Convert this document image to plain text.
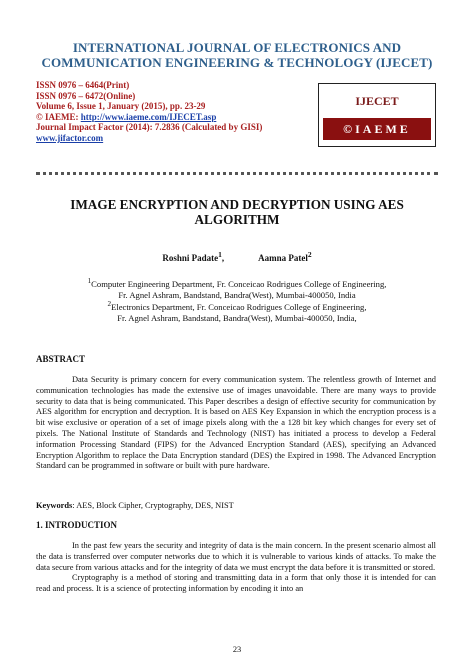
INTERNATIONAL JOURNAL OF ELECTRONICS AND
COMMUNICATION ENGINEERING & TECHNOLOGY (IJECET)
ISSN 0976 – 6464(Print)
ISSN 0976 – 6472(Online)
Volume 6, Issue 1, January (2015), pp. 23-29
© IAEME: http://www.iaeme.com/IJECET.asp
Journal Impact Factor (2014): 7.2836 (Calculated by GISI)
www.jifactor.com
IJECET
©IAEME
IMAGE ENCRYPTION AND DECRYPTION USING AES
ALGORITHM
Roshni Padate$^1$,	Aamna Patel$^2$
$^1$Computer Engineering Department, Fr. Conceicao Rodrigues College of Engineering,
Fr. Agnel Ashram, Bandstand, Bandra(West), Mumbai-400050, India
$^2$Electronics Department, Fr. Conceicao Rodrigues College of Engineering,
Fr. Agnel Ashram, Bandstand, Bandra(West), Mumbai-400050, India,
ABSTRACT
Data Security is primary concern for every communication system. The relentless growth of Internet and communication technologies has made the extensive use of images unavoidable. There are many ways to provide security to data that is being communicated. This Paper describes a design of effective security for communication by AES algorithm for encryption and decryption. It is based on AES Key Expansion in which the encryption process is a bit wise exclusive or operation of a set of image pixels along with the a 128 bit key which changes for every set of pixels. The National Institute of Standards and Technology (NIST) has initiated a process to develop a Federal information Processing Standard (FIPS) for the Advanced Encryption Standard (AES), specifying an Advanced Encryption Algorithm to replace the Data Encryption standard (DES) the Expired in 1998. The Advanced Encryption Standard can be programmed in software or built with pure hardware.
Keywords: AES, Block Cipher, Cryptography, DES, NIST
1. INTRODUCTION

In the past few years the security and integrity of data is the main concern. In the present scenario almost all the data is transferred over computer networks due to which it is vulnerable to various kinds of attacks. To make the data secure from various attacks and for the integrity of data we must encrypt the data before it is transmitted or stored.

Cryptography is a method of storing and transmitting data in a form that only those it is intended for can read and process. It is a science of protecting information by encoding it into an

23
